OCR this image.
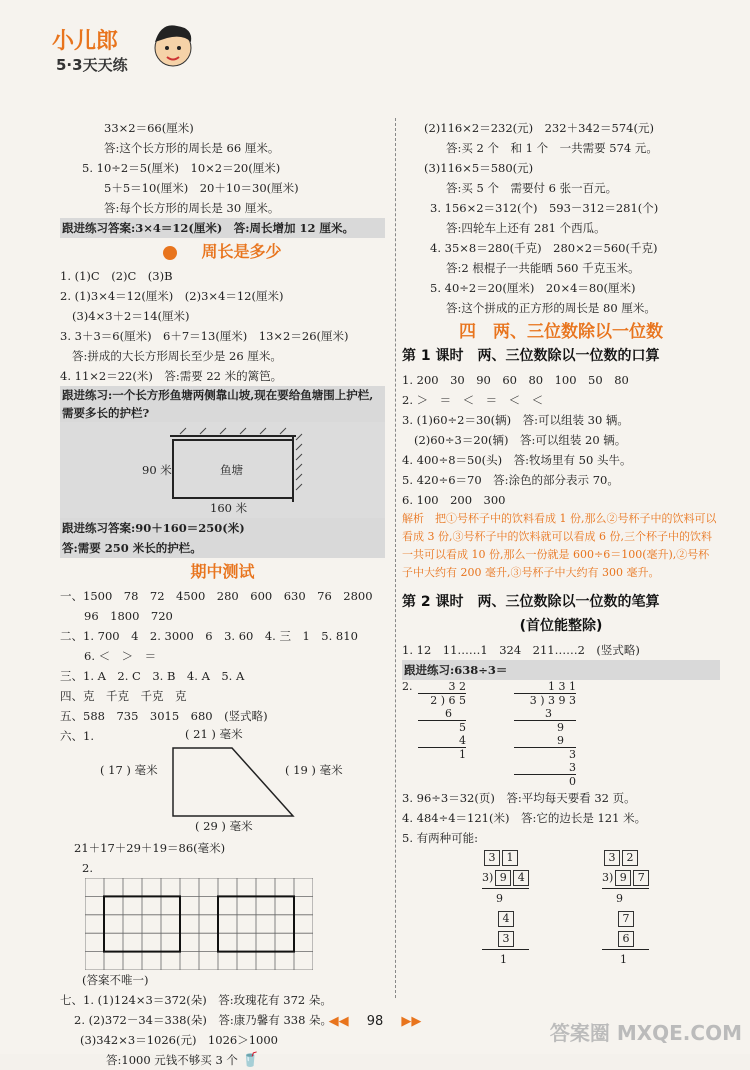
小儿郎
5·3天天练
33×2＝66(厘米)
答:这个长方形的周长是 66 厘米。
5. 10÷2＝5(厘米)　10×2＝20(厘米)
5＋5＝10(厘米)　20＋10＝30(厘米)
答:每个长方形的周长是 30 厘米。
跟进练习答案:3×4＝12(厘米)　答:周长增加 12 厘米。
周长是多少
1. (1)C　(2)C　(3)B
2. (1)3×4＝12(厘米)　(2)3×4＝12(厘米)
(3)4×3＋2＝14(厘米)
3. 3＋3＝6(厘米)　6＋7＝13(厘米)　13×2＝26(厘米)
答:拼成的大长方形周长至少是 26 厘米。
4. 11×2＝22(米)　答:需要 22 米的篱笆。
跟进练习:一个长方形鱼塘两侧靠山坡,现在要给鱼塘围上护栏,需要多长的护栏?
鱼塘
90 米
160 米
跟进练习答案:90＋160＝250(米)
答:需要 250 米长的护栏。
期中测试
一、1500　78　72　4500　280　600　630　76　2800
96　1800　720
二、1. 700　4　2. 3000　6　3. 60　4. 三　1　5. 810
6. ＜　＞　＝
三、1. A　2. C　3. B　4. A　5. A
四、克　千克　千克　克
五、588　735　3015　680　(竖式略)
六、1.	( 21 ) 毫米
( 17 ) 毫米	( 19 ) 毫米
( 29 ) 毫米
21＋17＋29＋19＝86(毫米)
2.
(答案不唯一)
七、1. (1)124×3＝372(朵)　答:玫瑰花有 372 朵。
2. (2)372－34＝338(朵)　答:康乃馨有 338 朵。
(3)342×3＝1026(元)　1026＞1000
答:1000 元钱不够买 3 个 🥤
(2)116×2＝232(元)　232＋342＝574(元)
答:买 2 个　和 1 个　一共需要 574 元。
(3)116×5＝580(元)
答:买 5 个　需要付 6 张一百元。
3. 156×2＝312(个)　593－312＝281(个)
答:四轮车上还有 281 个西瓜。
4. 35×8＝280(千克)　280×2＝560(千克)
答:2 根棍子一共能晒 560 千克玉米。
5. 40÷2＝20(厘米)　20×4＝80(厘米)
答:这个拼成的正方形的周长是 80 厘米。
四　两、三位数除以一位数
第 1 课时　两、三位数除以一位数的口算
1. 200　30　90　60　80　100　50　80
2. ＞　＝　＜　＝　＜　＜
3. (1)60÷2＝30(辆)　答:可以组装 30 辆。
(2)60÷3＝20(辆)　答:可以组装 20 辆。
4. 400÷8＝50(头)　答:牧场里有 50 头牛。
5. 420÷6＝70　答:涂色的部分表示 70。
6. 100　200　300
解析　把①号杯子中的饮料看成 1 份,那么②号杯子中的饮料可以看成 3 份,③号杯子中的饮料就可以看成 6 份,三个杯子中的饮料一共可以看成 10 份,那么一份就是 600÷6＝100(毫升),②号杯子中大约有 200 毫升,③号杯子中大约有 300 毫升。
第 2 课时　两、三位数除以一位数的笔算
(首位能整除)
1. 12　11……1　324　211……2　(竖式略)
跟进练习:638÷3＝
2.	3 2
2 ) 6 5
6
5
4
1
1 3 1
3 ) 3 9 3
3
9
9
3
3
0
3. 96÷3＝32(页)　答:平均每天要看 32 页。
4. 484÷4＝121(米)　答:它的边长是 121 米。
5. 有两种可能:
3 1
3) 9 4
9
4
3
1
3 2
3) 9 7
9
7
6
1
◀◀ 98 ▶▶	答案圈 MXQE.COM
